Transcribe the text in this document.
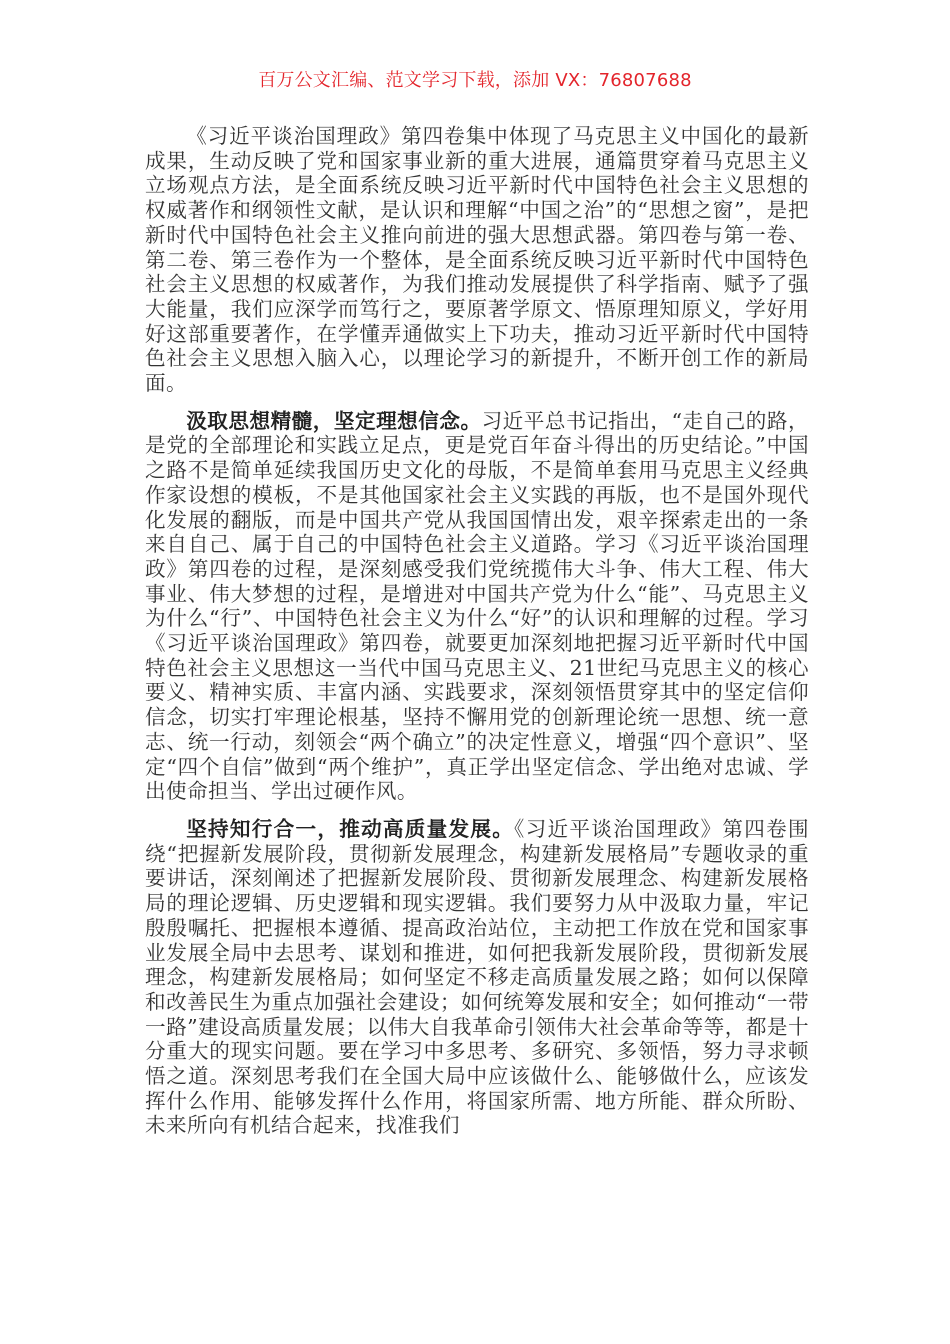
百万公文汇编、范文学习下载，添加 VX：76807688

《习近平谈治国理政》第四卷集中体现了马克思主义中国化的最新成果，生动反映了党和国家事业新的重大进展，通篇贯穿着马克思主义立场观点方法，是全面系统反映习近平新时代中国特色社会主义思想的权威著作和纲领性文献，是认识和理解“中国之治”的“思想之窗”，是把新时代中国特色社会主义推向前进的强大思想武器。第四卷与第一卷、第二卷、第三卷作为一个整体，是全面系统反映习近平新时代中国特色社会主义思想的权威著作，为我们推动发展提供了科学指南、赋予了强大能量，我们应深学而笃行之，要原著学原文、悟原理知原义，学好用好这部重要著作，在学懂弄通做实上下功夫，推动习近平新时代中国特色社会主义思想入脑入心，以理论学习的新提升，不断开创工作的新局面。

汲取思想精髓，坚定理想信念。习近平总书记指出，“走自己的路，是党的全部理论和实践立足点，更是党百年奋斗得出的历史结论。”中国之路不是简单延续我国历史文化的母版，不是简单套用马克思主义经典作家设想的模板，不是其他国家社会主义实践的再版，也不是国外现代化发展的翻版，而是中国共产党从我国国情出发，艰辛探索走出的一条来自自己、属于自己的中国特色社会主义道路。学习《习近平谈治国理政》第四卷的过程，是深刻感受我们党统揽伟大斗争、伟大工程、伟大事业、伟大梦想的过程，是增进对中国共产党为什么“能”、马克思主义为什么“行”、中国特色社会主义为什么“好”的认识和理解的过程。学习《习近平谈治国理政》第四卷，就要更加深刻地把握习近平新时代中国特色社会主义思想这一当代中国马克思主义、21世纪马克思主义的核心要义、精神实质、丰富内涵、实践要求，深刻领悟贯穿其中的坚定信仰信念，切实打牢理论根基，坚持不懈用党的创新理论统一思想、统一意志、统一行动，刻领会“两个确立”的决定性意义，增强“四个意识”、坚定“四个自信”做到“两个维护”，真正学出坚定信念、学出绝对忠诚、学出使命担当、学出过硬作风。

坚持知行合一，推动高质量发展。《习近平谈治国理政》第四卷围绕“把握新发展阶段，贯彻新发展理念，构建新发展格局”专题收录的重要讲话，深刻阐述了把握新发展阶段、贯彻新发展理念、构建新发展格局的理论逻辑、历史逻辑和现实逻辑。我们要努力从中汲取力量，牢记殷殷嘱托、把握根本遵循、提高政治站位，主动把工作放在党和国家事业发展全局中去思考、谋划和推进，如何把我新发展阶段，贯彻新发展理念，构建新发展格局；如何坚定不移走高质量发展之路；如何以保障和改善民生为重点加强社会建设；如何统筹发展和安全；如何推动“一带一路”建设高质量发展；以伟大自我革命引领伟大社会革命等等，都是十分重大的现实问题。要在学习中多思考、多研究、多领悟，努力寻求顿悟之道。深刻思考我们在全国大局中应该做什么、能够做什么，应该发挥什么作用、能够发挥什么作用，将国家所需、地方所能、群众所盼、未来所向有机结合起来，找准我们
